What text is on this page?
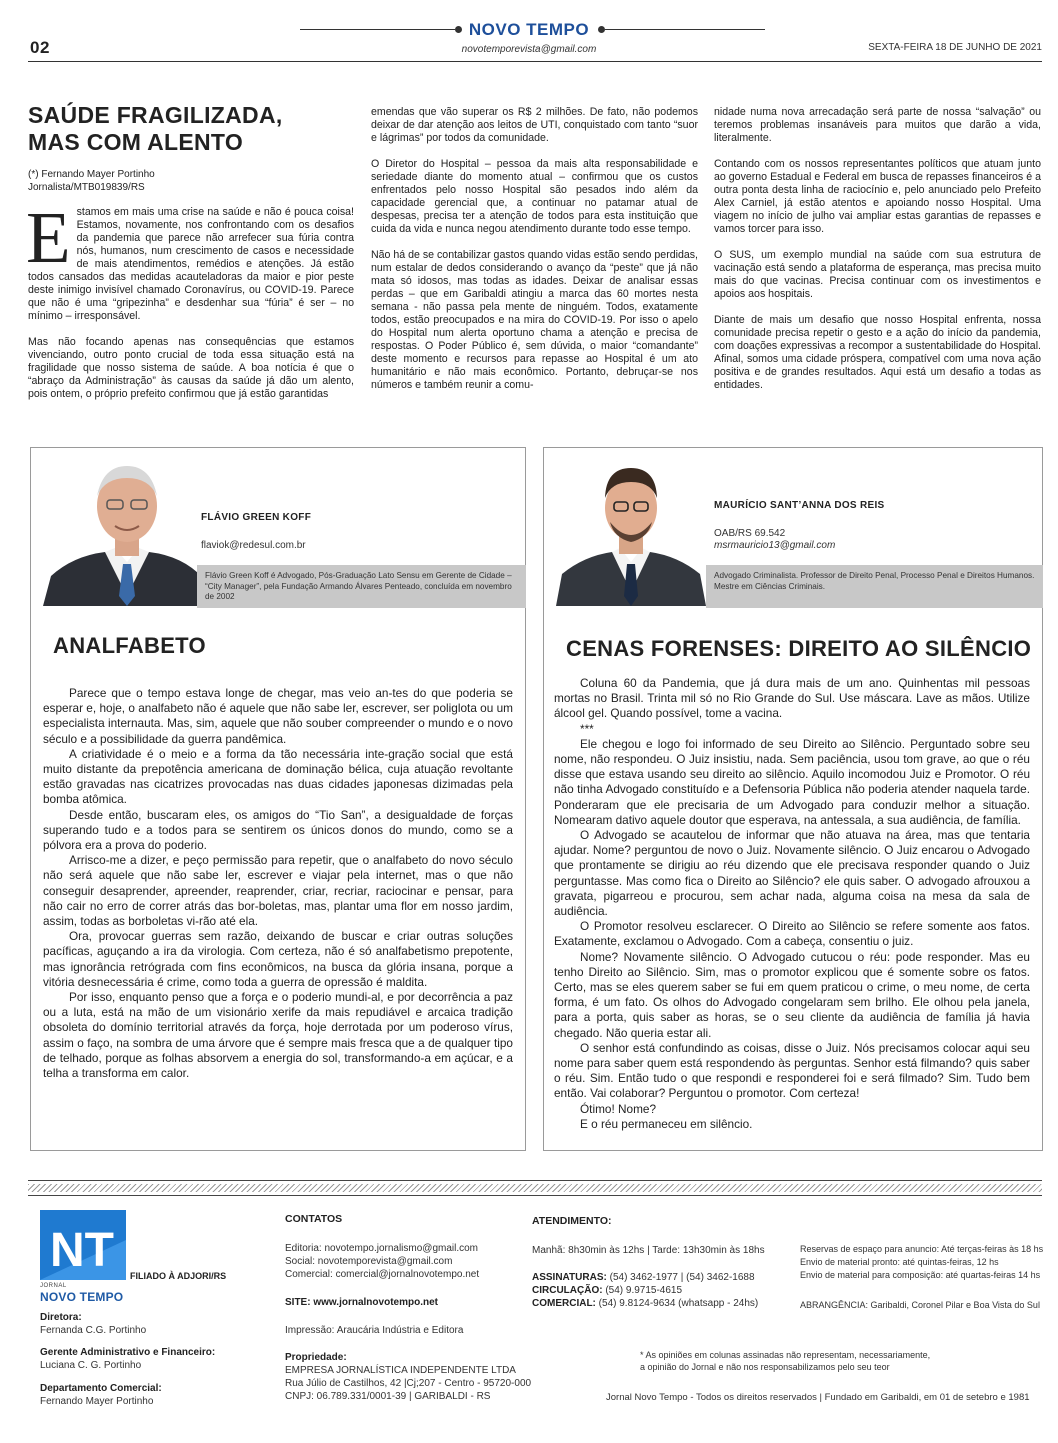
02
NOVO TEMPO
novotemporevista@gmail.com	SEXTA-FEIRA 18 DE JUNHO DE 2021
SAÚDE FRAGILIZADA,
MAS COM ALENTO
(*) Fernando Mayer Portinho
Jornalista/MTB019839/RS

Estamos em mais uma crise na saúde e não é pouca coisa! Estamos, novamente, nos confrontando com os desafios da pandemia que parece não arrefecer sua fúria contra nós, humanos, num crescimento de casos e necessidade de mais atendimentos, remédios e atenções. Já estão todos cansados das medidas acauteladoras da maior e pior peste deste inimigo invisível chamado Coronavírus, ou COVID-19. Parece que não é uma “gripezinha” e desdenhar sua “fúria” é ser – no mínimo – irresponsável.

Mas não focando apenas nas consequências que estamos vivenciando, outro ponto crucial de toda essa situação está na fragilidade que nosso sistema de saúde. A boa notícia é que o “abraço da Administração” às causas da saúde já dão um alento, pois ontem, o próprio prefeito confirmou que já estão garantidas

emendas que vão superar os R$ 2 milhões. De fato, não podemos deixar de dar atenção aos leitos de UTI, conquistado com tanto “suor e lágrimas” por todos da comunidade.

O Diretor do Hospital – pessoa da mais alta responsabilidade e seriedade diante do momento atual – confirmou que os custos enfrentados pelo nosso Hospital são pesados indo além da capacidade gerencial que, a continuar no patamar atual de despesas, precisa ter a atenção de todos para esta instituição que cuida da vida e nunca negou atendimento durante todo esse tempo.

Não há de se contabilizar gastos quando vidas estão sendo perdidas, num estalar de dedos considerando o avanço da “peste” que já não mata só idosos, mas todas as idades. Deixar de analisar essas perdas – que em Garibaldi atingiu a marca das 60 mortes nesta semana - não passa pela mente de ninguém. Todos, exatamente todos, estão preocupados e na mira do COVID-19. Por isso o apelo do Hospital num alerta oportuno chama a atenção e precisa de respostas. O Poder Público é, sem dúvida, o maior “comandante” deste momento e recursos para repasse ao Hospital é um ato humanitário e não mais econômico. Portanto, debruçar-se nos números e também reunir a comu-

nidade numa nova arrecadação será parte de nossa “salvação” ou teremos problemas insanáveis para muitos que darão a vida, literalmente.

Contando com os nossos representantes políticos que atuam junto ao governo Estadual e Federal em busca de repasses financeiros é a outra ponta desta linha de raciocínio e, pelo anunciado pelo Prefeito Alex Carniel, já estão atentos e apoiando nosso Hospital. Uma viagem no início de julho vai ampliar estas garantias de repasses e vamos torcer para isso.

O SUS, um exemplo mundial na saúde com sua estrutura de vacinação está sendo a plataforma de esperança, mas precisa muito mais do que vacinas. Precisa continuar com os investimentos e apoios aos hospitais.

Diante de mais um desafio que nosso Hospital enfrenta, nossa comunidade precisa repetir o gesto e a ação do início da pandemia, com doações expressivas a recompor a sustentabilidade do Hospital. Afinal, somos uma cidade próspera, compatível com uma nova ação positiva e de grandes resultados. Aqui está um desafio a todas as entidades.

FLÁVIO GREEN KOFF
flaviok@redesul.com.br
Flávio Green Koff é Advogado, Pós-Graduação Lato Sensu em Gerente de Cidade – “City Manager”, pela Fundação Armando Álvares Penteado, concluída em novembro de 2002
ANALFABETO

Parece que o tempo estava longe de chegar, mas veio an-tes do que poderia se esperar e, hoje, o analfabeto não é aquele que não sabe ler, escrever, ser poliglota ou um especialista internauta. Mas, sim, aquele que não souber compreender o mundo e o novo século e a possibilidade da guerra pandêmica.

A criatividade é o meio e a forma da tão necessária inte-gração social que está muito distante da prepotência americana de dominação bélica, cuja atuação revoltante estão gravadas nas cicatrizes provocadas nas duas cidades japonesas dizimadas pela bomba atômica.

Desde então, buscaram eles, os amigos do “Tio San”, a desigualdade de forças superando tudo e a todos para se sentirem os únicos donos do mundo, como se a pólvora era a prova do poderio.

Arrisco-me a dizer, e peço permissão para repetir, que o analfabeto do novo século não será aquele que não sabe ler, escrever e viajar pela internet, mas o que não conseguir desaprender, apreender, reaprender, criar, recriar, raciocinar e pensar, para não cair no erro de correr atrás das bor-boletas, mas, plantar uma flor em nosso jardim, assim, todas as borboletas vi-rão até ela.

Ora, provocar guerras sem razão, deixando de buscar e criar outras soluções pacíficas, aguçando a ira da virologia. Com certeza, não é só analfabetismo prepotente, mas ignorância retrógrada com fins econômicos, na busca da glória insana, porque a vitória desnecessária é crime, como toda a guerra de opressão é maldita.

Por isso, enquanto penso que a força e o poderio mundi-al, e por decorrência a paz ou a luta, está na mão de um visionário xerife da mais repudiável e arcaica tradição obsoleta do domínio territorial através da força, hoje derrotada por um poderoso vírus, assim o faço, na sombra de uma árvore que é sempre mais fresca que a de qualquer tipo de telhado, porque as folhas absorvem a energia do sol, transformando-a em açúcar, e a telha a transforma em calor.

MAURÍCIO SANT’ANNA DOS REIS
OAB/RS 69.542
msrmauricio13@gmail.com
Advogado Criminalista. Professor de Direito Penal, Processo Penal e Direitos Humanos. Mestre em Ciências Criminais.
CENAS FORENSES: DIREITO AO SILÊNCIO

Coluna 60 da Pandemia, que já dura mais de um ano. Quinhentas mil pessoas mortas no Brasil. Trinta mil só no Rio Grande do Sul. Use máscara. Lave as mãos. Utilize álcool gel. Quando possível, tome a vacina.

***

Ele chegou e logo foi informado de seu Direito ao Silêncio. Perguntado sobre seu nome, não respondeu. O Juiz insistiu, nada. Sem paciência, usou tom grave, ao que o réu disse que estava usando seu direito ao silêncio. Aquilo incomodou Juiz e Promotor. O réu não tinha Advogado constituído e a Defensoria Pública não poderia atender naquela tarde. Ponderaram que ele precisaria de um Advogado para conduzir melhor a situação. Nomearam dativo aquele doutor que esperava, na antessala, a sua audiência, de família.

O Advogado se acautelou de informar que não atuava na área, mas que tentaria ajudar. Nome? perguntou de novo o Juiz. Novamente silêncio. O Juiz encarou o Advogado que prontamente se dirigiu ao réu dizendo que ele precisava responder quando o Juiz perguntasse. Mas como fica o Direito ao Silêncio? ele quis saber. O advogado afrouxou a gravata, pigarreou e procurou, sem achar nada, alguma coisa na mesa da sala de audiência.

O Promotor resolveu esclarecer. O Direito ao Silêncio se refere somente aos fatos. Exatamente, exclamou o Advogado. Com a cabeça, consentiu o juiz.

Nome? Novamente silêncio. O Advogado cutucou o réu: pode responder. Mas eu tenho Direito ao Silêncio. Sim, mas o promotor explicou que é somente sobre os fatos. Certo, mas se eles querem saber se fui em quem praticou o crime, o meu nome, de certa forma, é um fato. Os olhos do Advogado congelaram sem brilho. Ele olhou pela janela, para a porta, quis saber as horas, se o seu cliente da audiência de família já havia chegado. Não queria estar ali.

O senhor está confundindo as coisas, disse o Juiz. Nós precisamos colocar aqui seu nome para saber quem está respondendo às perguntas. Senhor está filmando? quis saber o réu. Sim. Então tudo o que respondi e responderei foi e será filmado? Sim. Tudo bem então. Vai colaborar? Perguntou o promotor. Com certeza!

Ótimo! Nome?

E o réu permaneceu em silêncio.

NT
JORNAL
NOVO TEMPO
FILIADO À ADJORI/RS
Diretora:
Fernanda C.G. Portinho
Gerente Administrativo e Financeiro:
Luciana C. G. Portinho
Departamento Comercial:
Fernando Mayer Portinho
CONTATOS
Editoria: novotempo.jornalismo@gmail.com
Social: novotemporevista@gmail.com
Comercial: comercial@jornalnovotempo.net
SITE: www.jornalnovotempo.net
Impressão: Araucária Indústria e Editora
Propriedade:
EMPRESA JORNALÍSTICA INDEPENDENTE LTDA
Rua Júlio de Castilhos, 42 |Cj;207 - Centro - 95720-000
CNPJ: 06.789.331/0001-39 | GARIBALDI - RS
ATENDIMENTO:
Manhã: 8h30min às 12hs | Tarde: 13h30min às 18hs
ASSINATURAS: (54) 3462-1977 | (54) 3462-1688
CIRCULAÇÃO: (54) 9.9715-4615
COMERCIAL: (54) 9.8124-9634 (whatsapp - 24hs)
Reservas de espaço para anuncio: Até terças-feiras às 18 hs
Envio de material pronto: até quintas-feiras, 12 hs
Envio de material para composição: até quartas-feiras 14 hs
ABRANGÊNCIA: Garibaldi, Coronel Pilar e Boa Vista do Sul
* As opiniões em colunas assinadas não representam, necessariamente,
a opinião do Jornal e não nos responsabilizamos pelo seu teor
Jornal Novo Tempo - Todos os direitos reservados | Fundado em Garibaldi, em 01 de setebro e 1981
